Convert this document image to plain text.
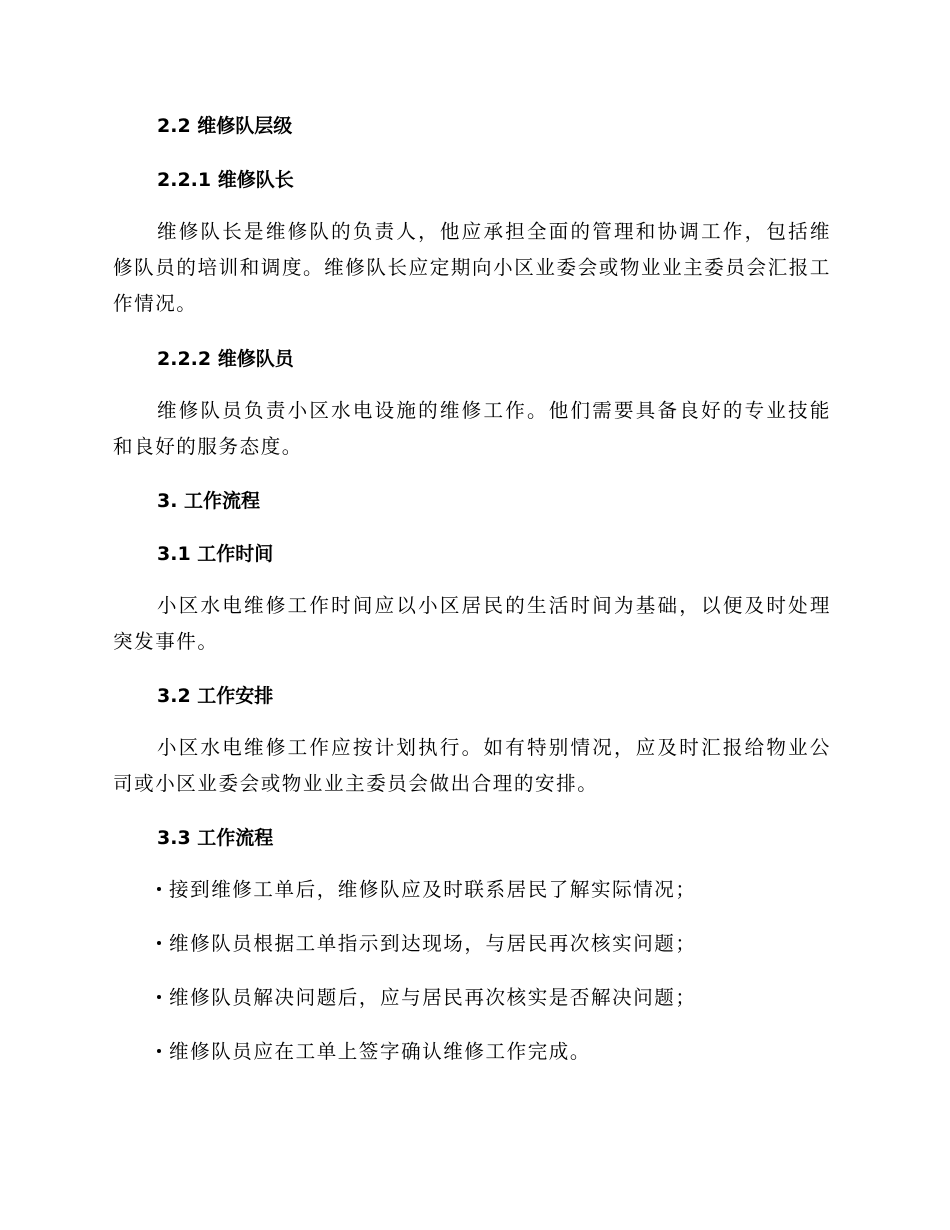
2.2 维修队层级
2.2.1 维修队长
维修队长是维修队的负责人，他应承担全面的管理和协调工作，包括维修队员的培训和调度。维修队长应定期向小区业委会或物业业主委员会汇报工作情况。
2.2.2 维修队员
维修队员负责小区水电设施的维修工作。他们需要具备良好的专业技能和良好的服务态度。
3. 工作流程
3.1 工作时间
小区水电维修工作时间应以小区居民的生活时间为基础，以便及时处理突发事件。
3.2 工作安排
小区水电维修工作应按计划执行。如有特别情况，应及时汇报给物业公司或小区业委会或物业业主委员会做出合理的安排。
3.3 工作流程
接到维修工单后，维修队应及时联系居民了解实际情况；
维修队员根据工单指示到达现场，与居民再次核实问题；
维修队员解决问题后，应与居民再次核实是否解决问题；
维修队员应在工单上签字确认维修工作完成。
